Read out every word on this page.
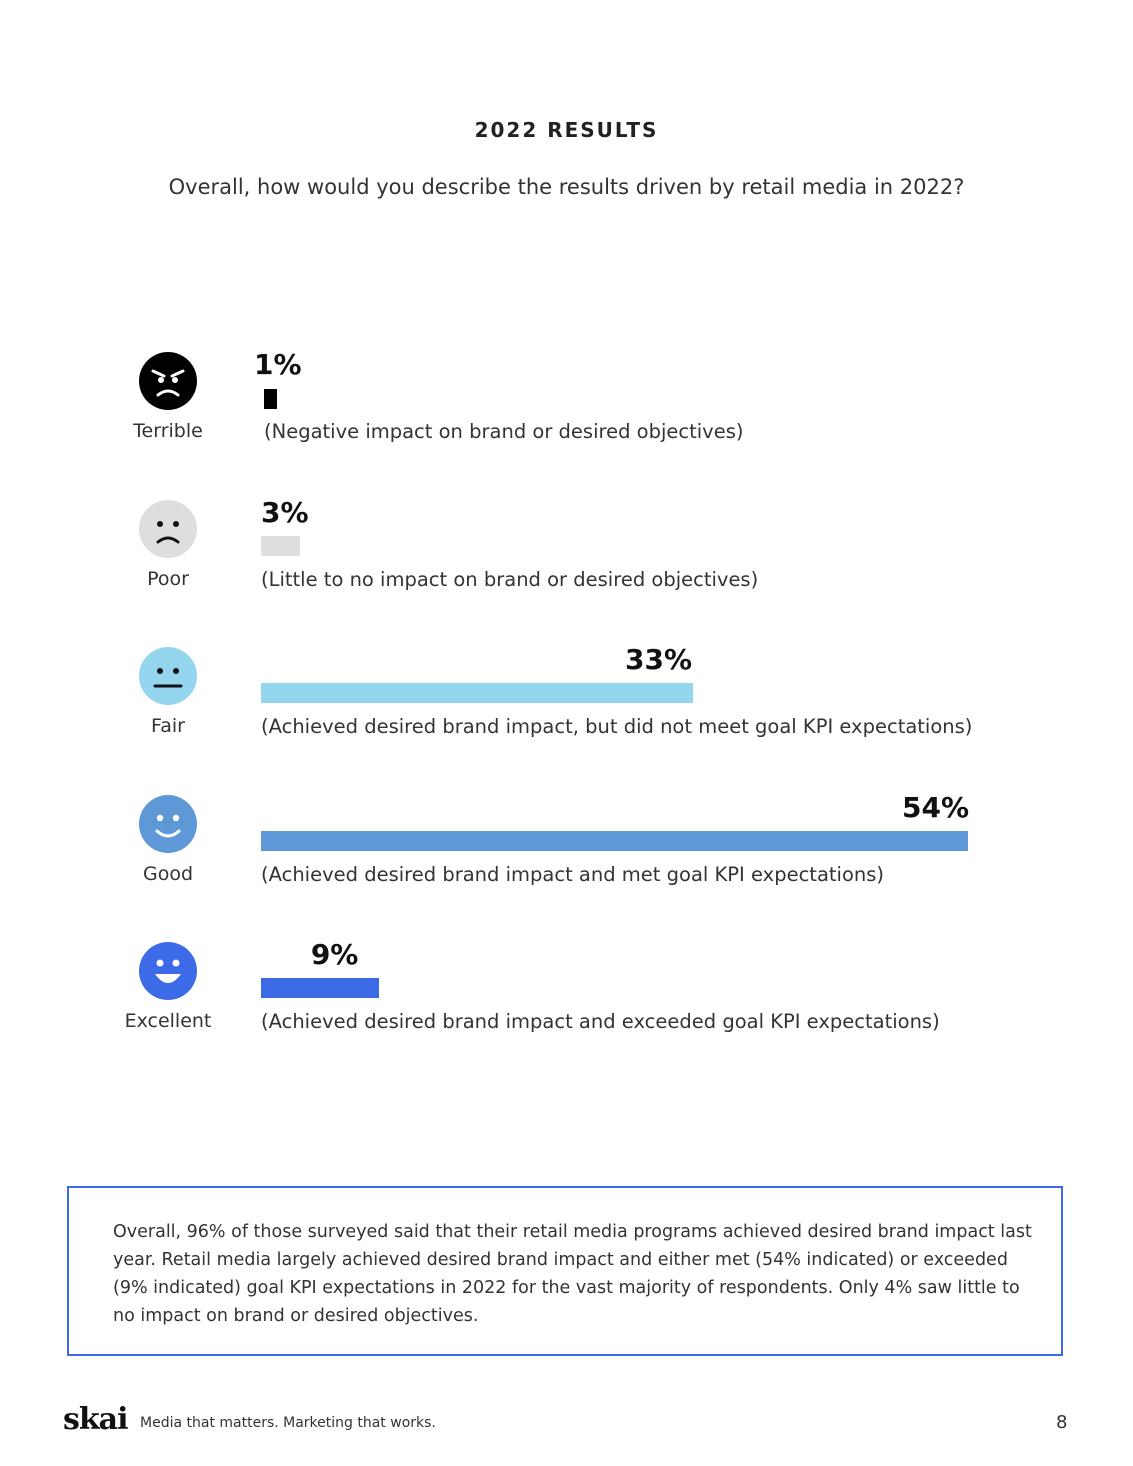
2022 RESULTS
Overall, how would you describe the results driven by retail media in 2022?
Terrible
1%
(Negative impact on brand or desired objectives)
Poor
3%
(Little to no impact on brand or desired objectives)
Fair
33%
(Achieved desired brand impact, but did not meet goal KPI expectations)
Good
54%
(Achieved desired brand impact and met goal KPI expectations)
Excellent
9%
(Achieved desired brand impact and exceeded goal KPI expectations)
Overall, 96% of those surveyed said that their retail media programs achieved desired brand impact last year. Retail media largely achieved desired brand impact and either met (54% indicated) or exceeded (9% indicated) goal KPI expectations in 2022 for the vast majority of respondents. Only 4% saw little to no impact on brand or desired objectives.
skai Media that matters. Marketing that works.	8
